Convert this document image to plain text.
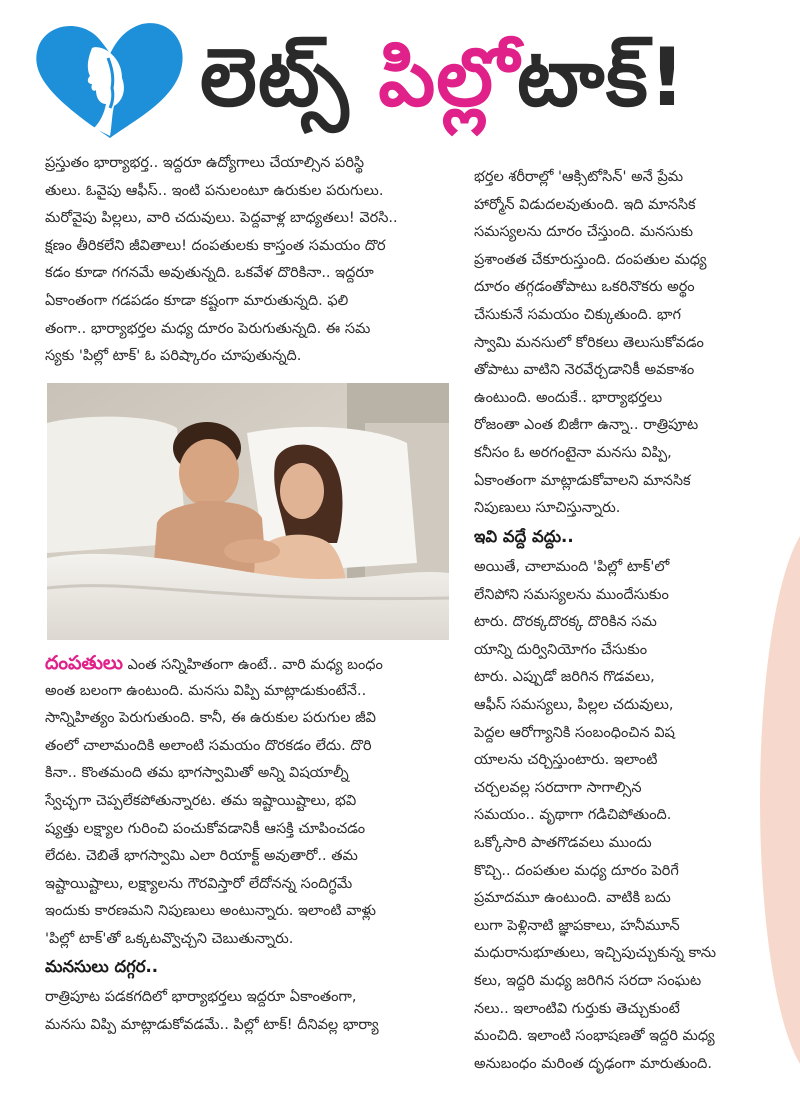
లెట్స్ పిల్లోటాక్!
ప్రస్తుతం భార్యాభర్త.. ఇద్దరూ ఉద్యోగాలు చేయాల్సిన పరిస్థి
తులు. ఓవైపు ఆఫీస్‌.. ఇంటి పనులంటూ ఉరుకుల పరుగులు.
మరోవైపు పిల్లలు, వారి చదువులు. పెద్దవాళ్ల బాధ్యతలు! వెరసి..
క్షణం తీరికలేని జీవితాలు! దంపతులకు కాస్తంత సమయం దొర
కడం కూడా గగనమే అవుతున్నది. ఒకవేళ దొరికినా.. ఇద్దరూ
ఏకాంతంగా గడపడం కూడా కష్టంగా మారుతున్నది. ఫలి
తంగా.. భార్యాభర్తల మధ్య దూరం పెరుగుతున్నది. ఈ సమ
స్యకు 'పిల్లో టాక్‌' ఓ పరిష్కారం చూపుతున్నది.
దంపతులు ఎంత సన్నిహితంగా ఉంటే.. వారి మధ్య బంధం
అంత బలంగా ఉంటుంది. మనసు విప్పి మాట్లాడుకుంటేనే..
సాన్నిహిత్యం పెరుగుతుంది. కానీ, ఈ ఉరుకుల పరుగుల జీవి
తంలో చాలామందికి అలాంటి సమయం దొరకడం లేదు. దొరి
కినా.. కొంతమంది తమ భాగస్వామితో అన్ని విషయాల్నీ
స్వేచ్ఛగా చెప్పలేకపోతున్నారట. తమ ఇష్టాయిష్టాలు, భవి
ష్యత్తు లక్ష్యాల గురించి పంచుకోవడానికీ ఆసక్తి చూపించడం
లేదట. చెబితే భాగస్వామి ఎలా రియాక్ట్‌ అవుతారో.. తమ
ఇష్టాయిష్టాలు, లక్ష్యాలను గౌరవిస్తారో లేదోనన్న సందిగ్ధమే
ఇందుకు కారణమని నిపుణులు అంటున్నారు. ఇలాంటి వాళ్లు
'పిల్లో టాక్‌'తో ఒక్కటవ్వొచ్చని చెబుతున్నారు.
మనసులు దగ్గర..
రాత్రిపూట పడకగదిలో భార్యాభర్తలు ఇద్దరూ ఏకాంతంగా,
మనసు విప్పి మాట్లాడుకోవడమే.. పిల్లో టాక్‌! దీనివల్ల భార్యా
భర్తల శరీరాల్లో 'ఆక్సిటోసిన్‌' అనే ప్రేమ
హార్మోన్‌ విడుదలవుతుంది. ఇది మానసిక
సమస్యలను దూరం చేస్తుంది. మనసుకు
ప్రశాంతత చేకూరుస్తుంది. దంపతుల మధ్య
దూరం తగ్గడంతోపాటు ఒకరినొకరు అర్థం
చేసుకునే సమయం చిక్కుతుంది. భాగ
స్వామి మనసులో కోరికలు తెలుసుకోవడం
తోపాటు వాటిని నెరవేర్చడానికీ అవకాశం
ఉంటుంది. అందుకే.. భార్యాభర్తలు
రోజంతా ఎంత బిజీగా ఉన్నా.. రాత్రిపూట
కనీసం ఓ అరగంటైనా మనసు విప్పి,
ఏకాంతంగా మాట్లాడుకోవాలని మానసిక
నిపుణులు సూచిస్తున్నారు.
ఇవి వద్దే వద్దు..
అయితే, చాలామంది 'పిల్లో టాక్‌'లో
లేనిపోని సమస్యలను ముందేసుకుం
టారు. దొరక్కదొరక్క దొరికిన సమ
యాన్ని దుర్వినియోగం చేసుకుం
టారు. ఎప్పుడో జరిగిన గొడవలు,
ఆఫీస్‌ సమస్యలు, పిల్లల చదువులు,
పెద్దల ఆరోగ్యానికి సంబంధించిన విష
యాలను చర్చిస్తుంటారు. ఇలాంటి
చర్చలవల్ల సరదాగా సాగాల్సిన
సమయం.. వృథాగా గడిచిపోతుంది.
ఒక్కోసారి పాతగొడవలు ముందు
కొచ్చి.. దంపతుల మధ్య దూరం పెరిగే
ప్రమాదమూ ఉంటుంది. వాటికి బదు
లుగా పెళ్లినాటి జ్ఞాపకాలు, హనీమూన్‌
మధురానుభూతులు, ఇచ్చిపుచ్చుకున్న కాను
కలు, ఇద్దరి మధ్య జరిగిన సరదా సంఘట
నలు.. ఇలాంటివి గుర్తుకు తెచ్చుకుంటే
మంచిది. ఇలాంటి సంభాషణతో ఇద్దరి మధ్య
అనుబంధం మరింత దృఢంగా మారుతుంది.
